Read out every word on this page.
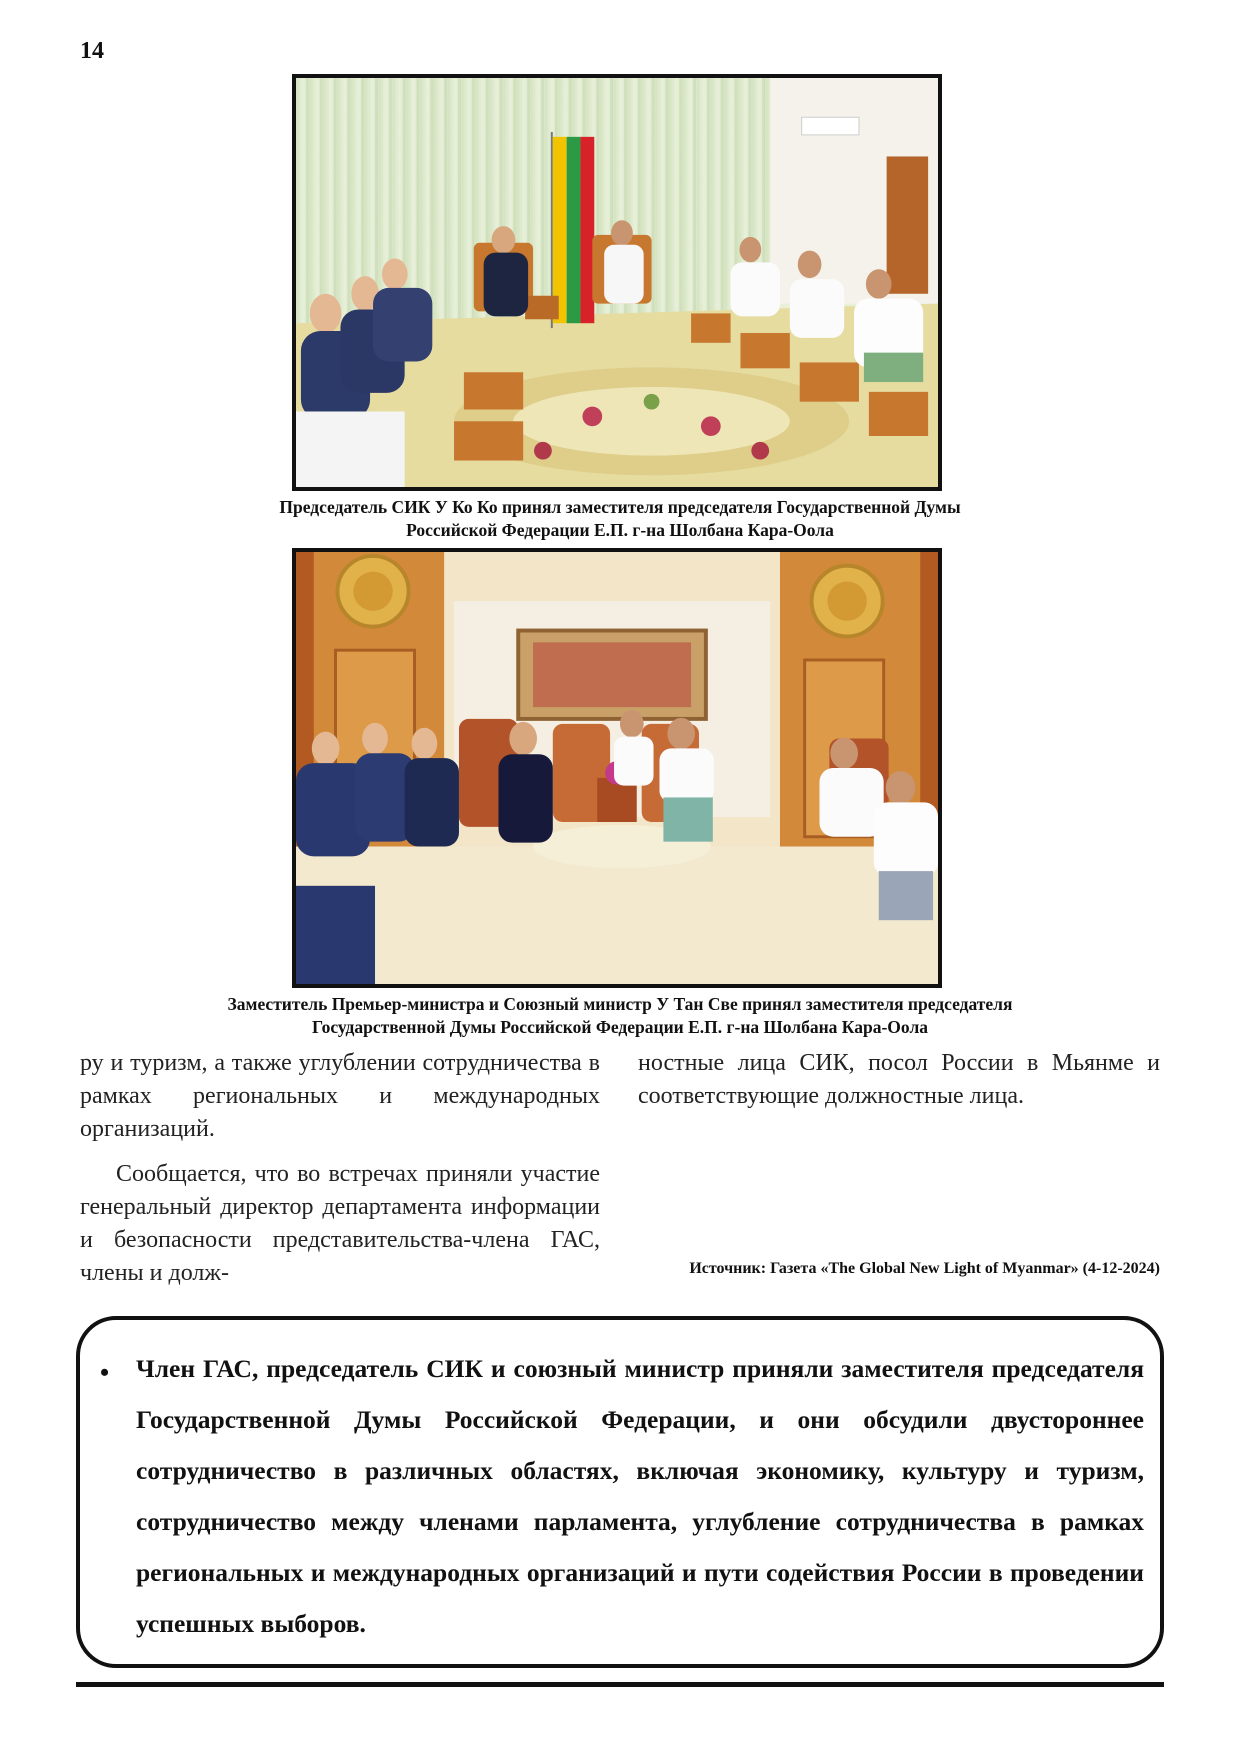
14
Председатель СИК У Ко Ко принял заместителя председателя Государственной Думы
Российской Федерации Е.П. г-на Шолбана Кара-Оола
Заместитель Премьер-министра и Союзный министр У Тан Све принял заместителя председателя
Государственной Думы Российской Федерации Е.П. г-на Шолбана Кара-Оола

ру и туризм, а также углублении сотрудничества в рамках региональных и международных организаций.

Сообщается, что во встречах приняли участие генеральный директор департамента информации и безопасности представительства-члена ГАС, члены и долж-

ностные лица СИК, посол России в Мьянме и соответствующие должностные лица.

Источник: Газета «The Global New Light of Myanmar» (4-12-2024)
• Член ГАС, председатель СИК и союзный министр приняли заместителя председателя Государственной Думы Российской Федерации, и они обсудили двустороннее сотрудничество в различных областях, включая экономику, культуру и туризм, сотрудничество между членами парламента, углубление сотрудничества в рамках региональных и международных организаций и пути содействия России в проведении успешных выборов.
